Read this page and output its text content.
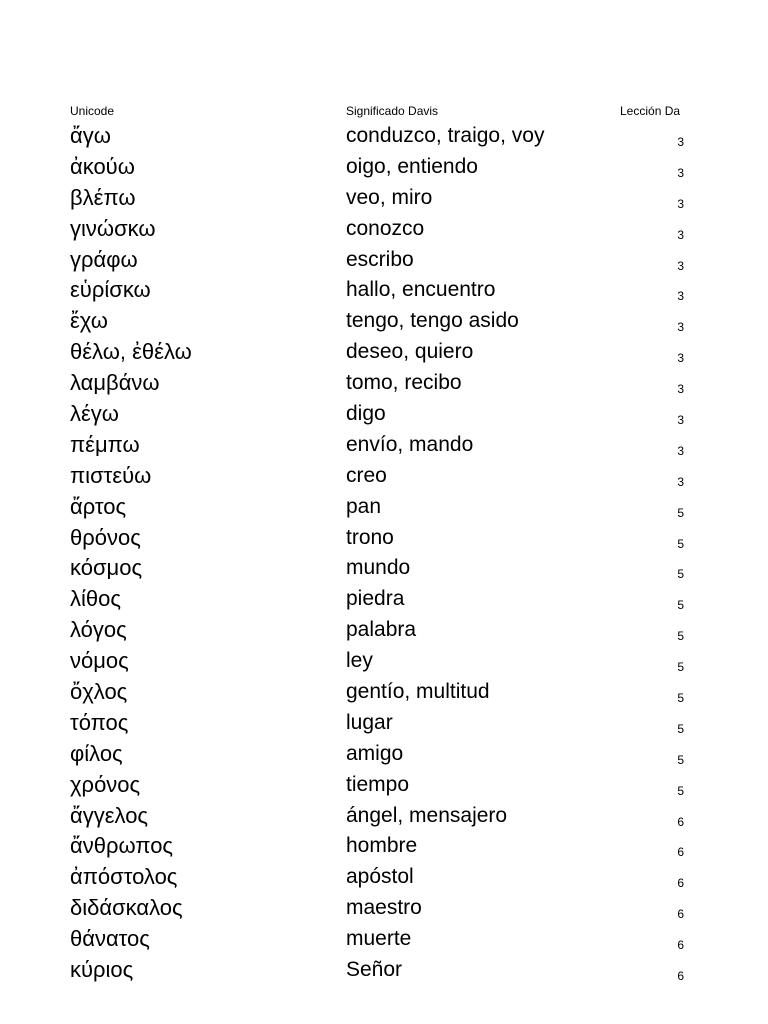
Unicode	Significado Davis	Lección Da
ἄγω	conduzco, traigo, voy	3
ἀκούω	oigo, entiendo	3
βλέπω	veo, miro	3
γινώσκω	conozco	3
γράφω	escribo	3
εὑρίσκω	hallo, encuentro	3
ἔχω	tengo, tengo asido	3
θέλω, ἐθέλω	deseo, quiero	3
λαμβάνω	tomo, recibo	3
λέγω	digo	3
πέμπω	envío, mando	3
πιστεύω	creo	3
ἄρτος	pan	5
θρόνος	trono	5
κόσμος	mundo	5
λίθος	piedra	5
λόγος	palabra	5
νόμος	ley	5
ὄχλος	gentío, multitud	5
τόπος	lugar	5
φίλος	amigo	5
χρόνος	tiempo	5
ἄγγελος	ángel, mensajero	6
ἄνθρωπος	hombre	6
ἀπόστολος	apóstol	6
διδάσκαλος	maestro	6
θάνατος	muerte	6
κύριος	Señor	6
